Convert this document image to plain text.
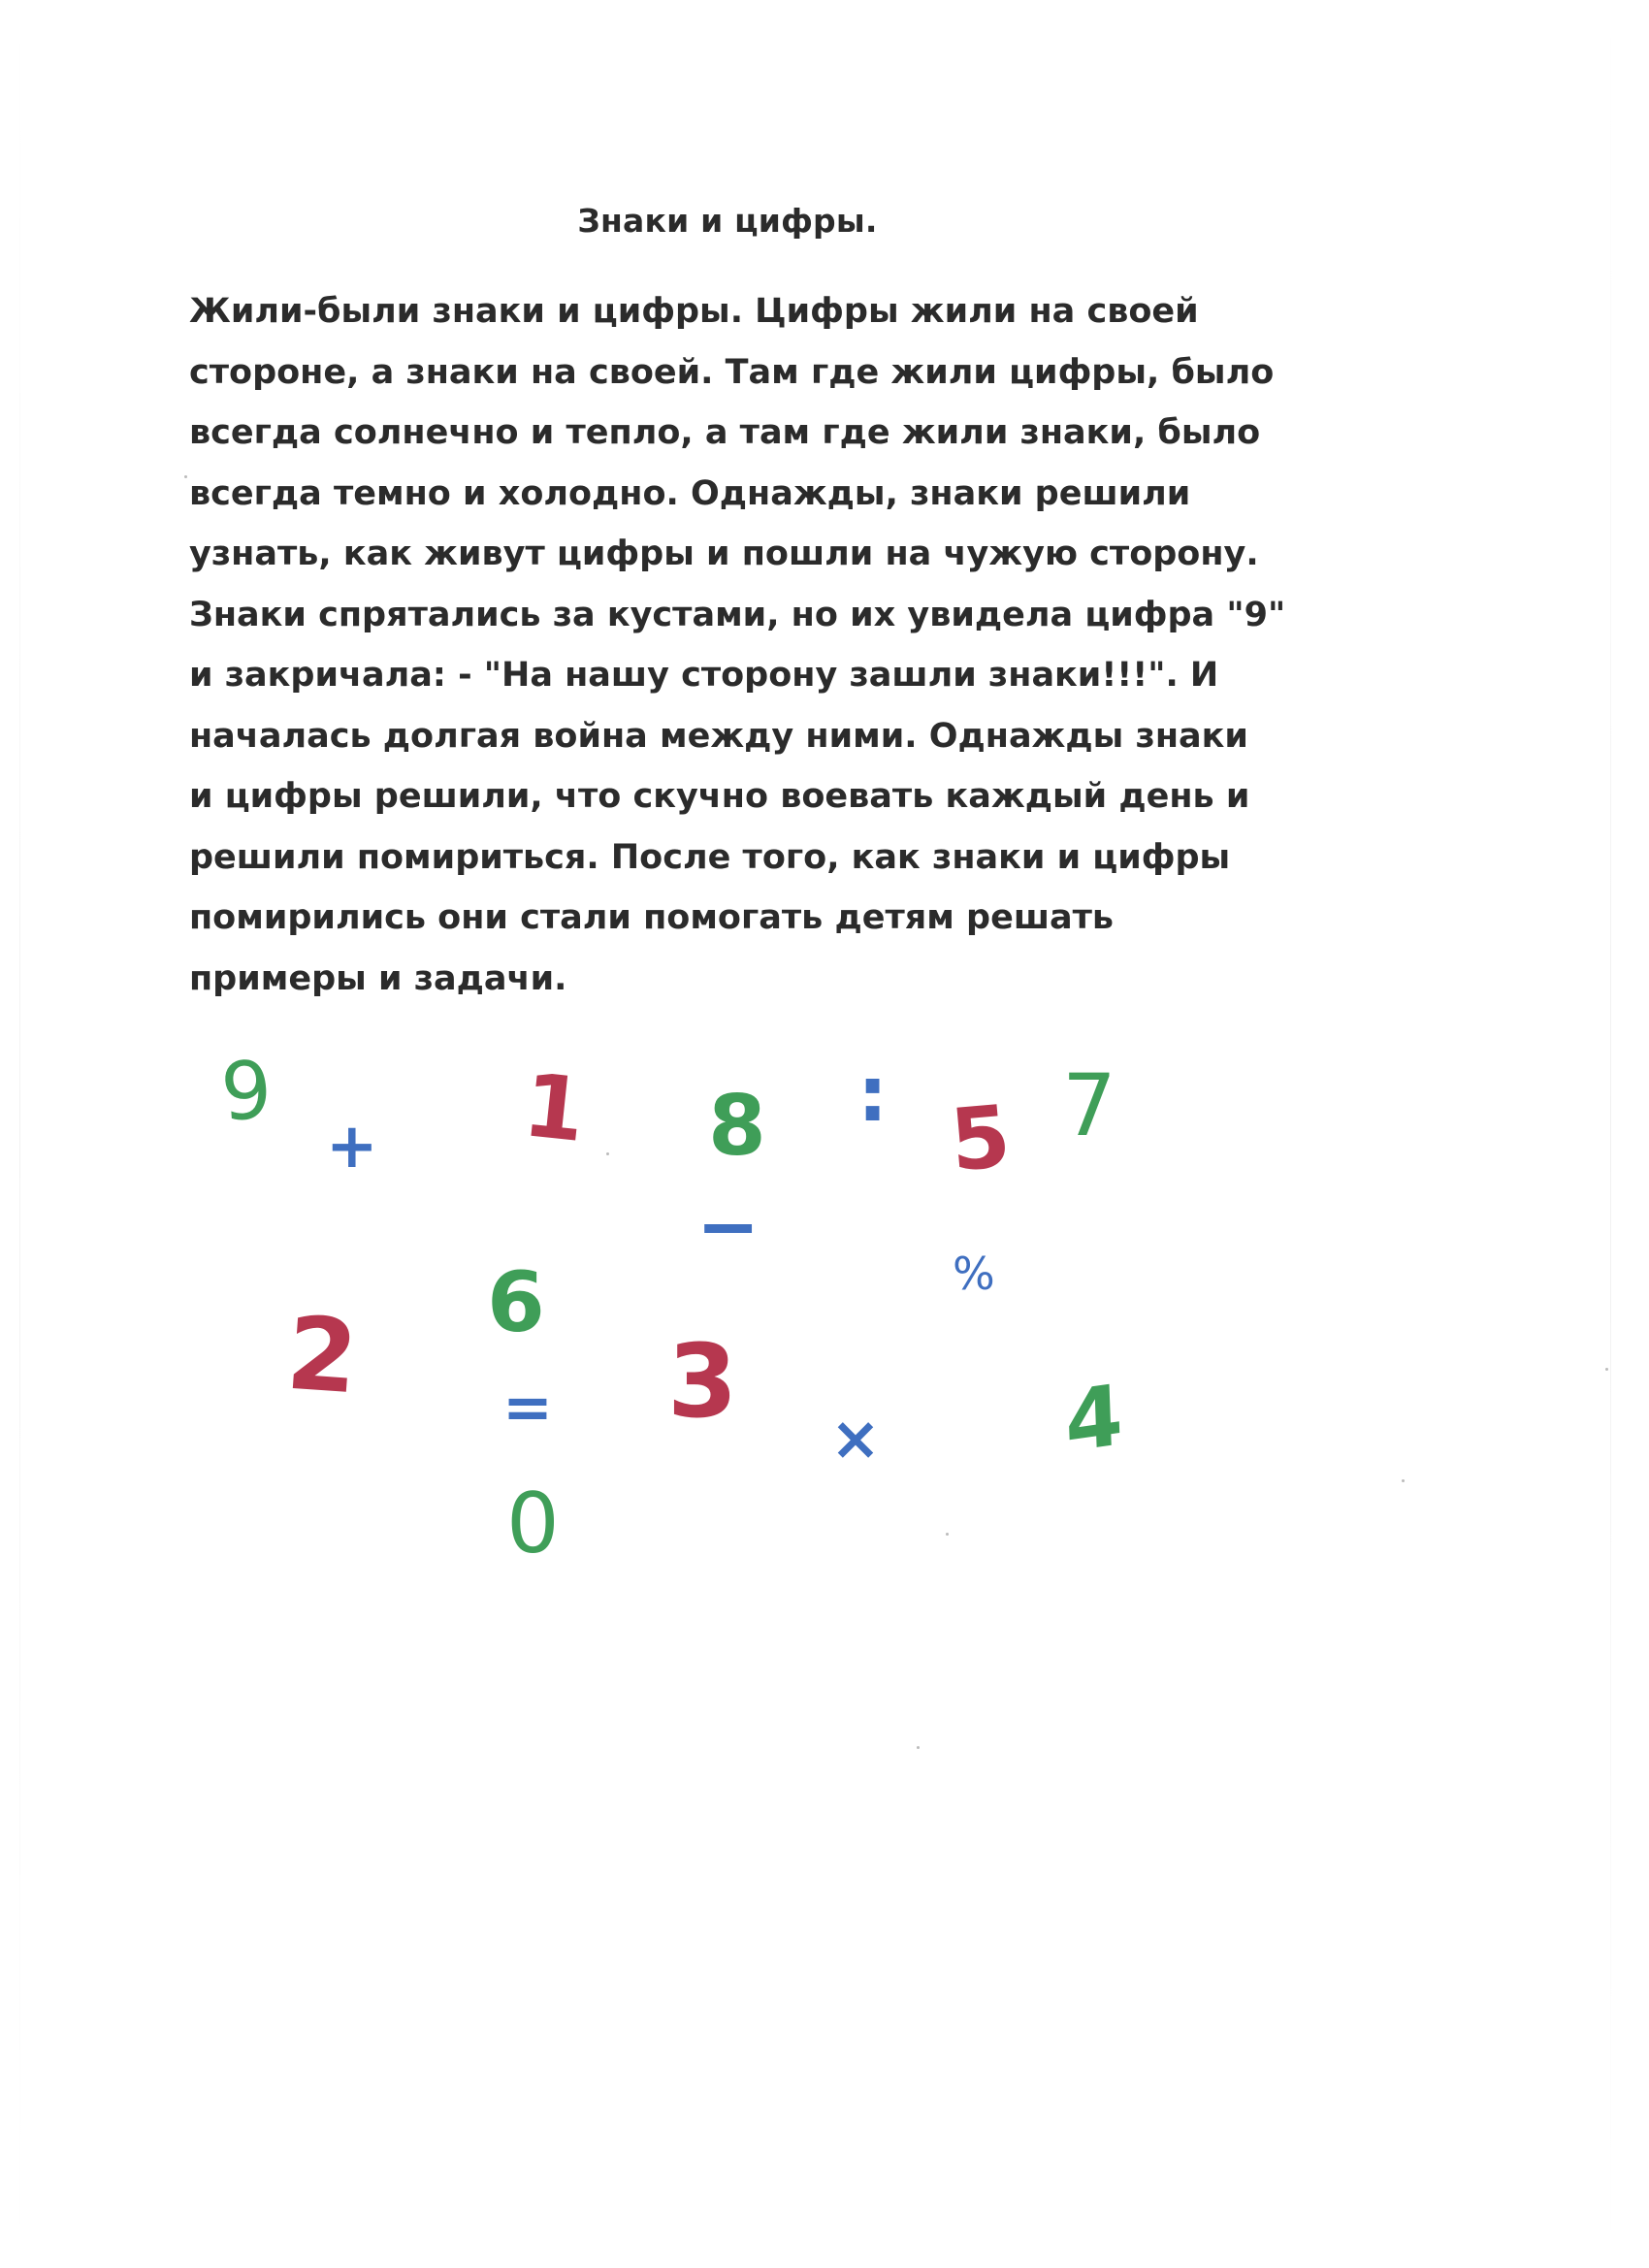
Знаки и цифры.
Жили-были знаки и цифры. Цифры жили на своей
стороне, а знаки на своей. Там где жили цифры, было
всегда солнечно и тепло, а там где жили знаки, было
всегда темно и холодно. Однажды, знаки решили
узнать, как живут цифры и пошли на чужую сторону.
Знаки спрятались за кустами, но их увидела цифра "9"
и закричала: - "На нашу сторону зашли знаки!!!". И
началась долгая война между ними. Однажды знаки
и цифры решили, что скучно воевать каждый день и
решили помириться. После того, как знаки и цифры
помирились они стали помогать детям решать
примеры и задачи.
9
+ 1 8
−
: 5 7
%
6
2 = 3 × 4
0
